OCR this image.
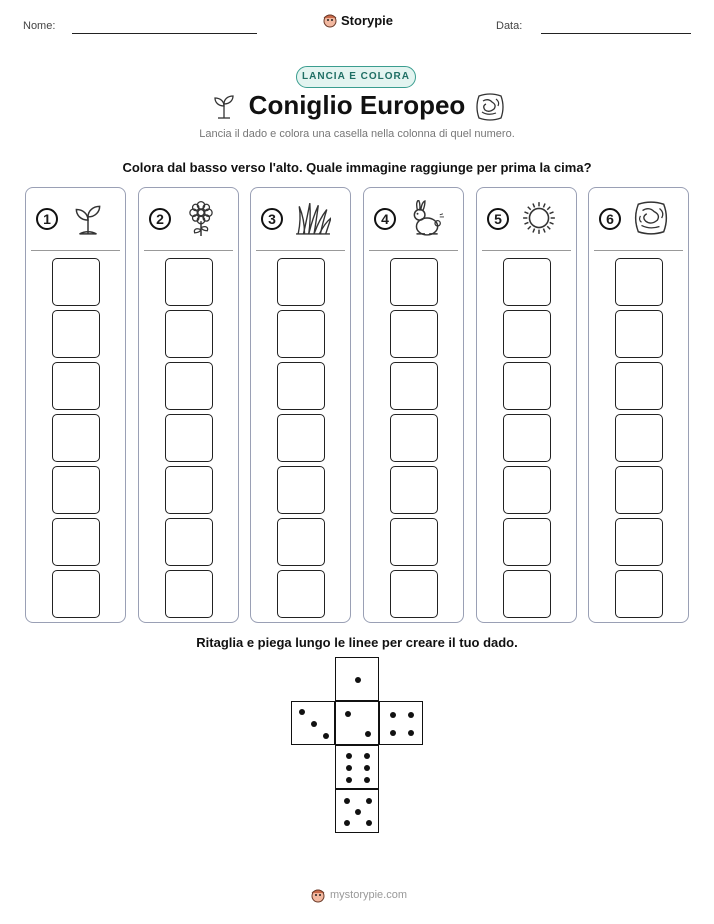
Nome:	Storypie	Data:
LANCIA E COLORA
Coniglio Europeo
Lancia il dado e colora una casella nella colonna di quel numero.
Colora dal basso verso l'alto. Quale immagine raggiunge per prima la cima?
1	2	3	4	5	6
Ritaglia e piega lungo le linee per creare il tuo dado.
mystorypie.com
